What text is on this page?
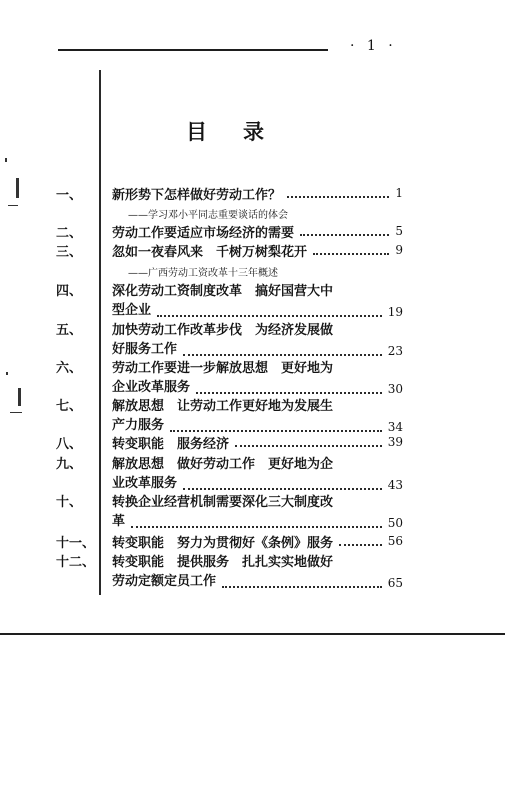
· 1 ·
目录
一、 新形势下怎样做好劳动工作？	1
——学习邓小平同志重要谈话的体会
二、 劳动工作要适应市场经济的需要	5
三、 忽如一夜春风来　千树万树梨花开	9
——广西劳动工资改革十三年概述
四、 深化劳动工资制度改革　搞好国营大中
型企业	19
五、 加快劳动工作改革步伐　为经济发展做
好服务工作	23
六、 劳动工作要进一步解放思想　更好地为
企业改革服务	30
七、 解放思想　让劳动工作更好地为发展生
产力服务	34
八、 转变职能　服务经济	39
九、 解放思想　做好劳动工作　更好地为企
业改革服务	43
十、 转换企业经营机制需要深化三大制度改
革	50
十一、 转变职能　努力为贯彻好《条例》服务	56
十二、 转变职能　提供服务　扎扎实实地做好
劳动定额定员工作	65
